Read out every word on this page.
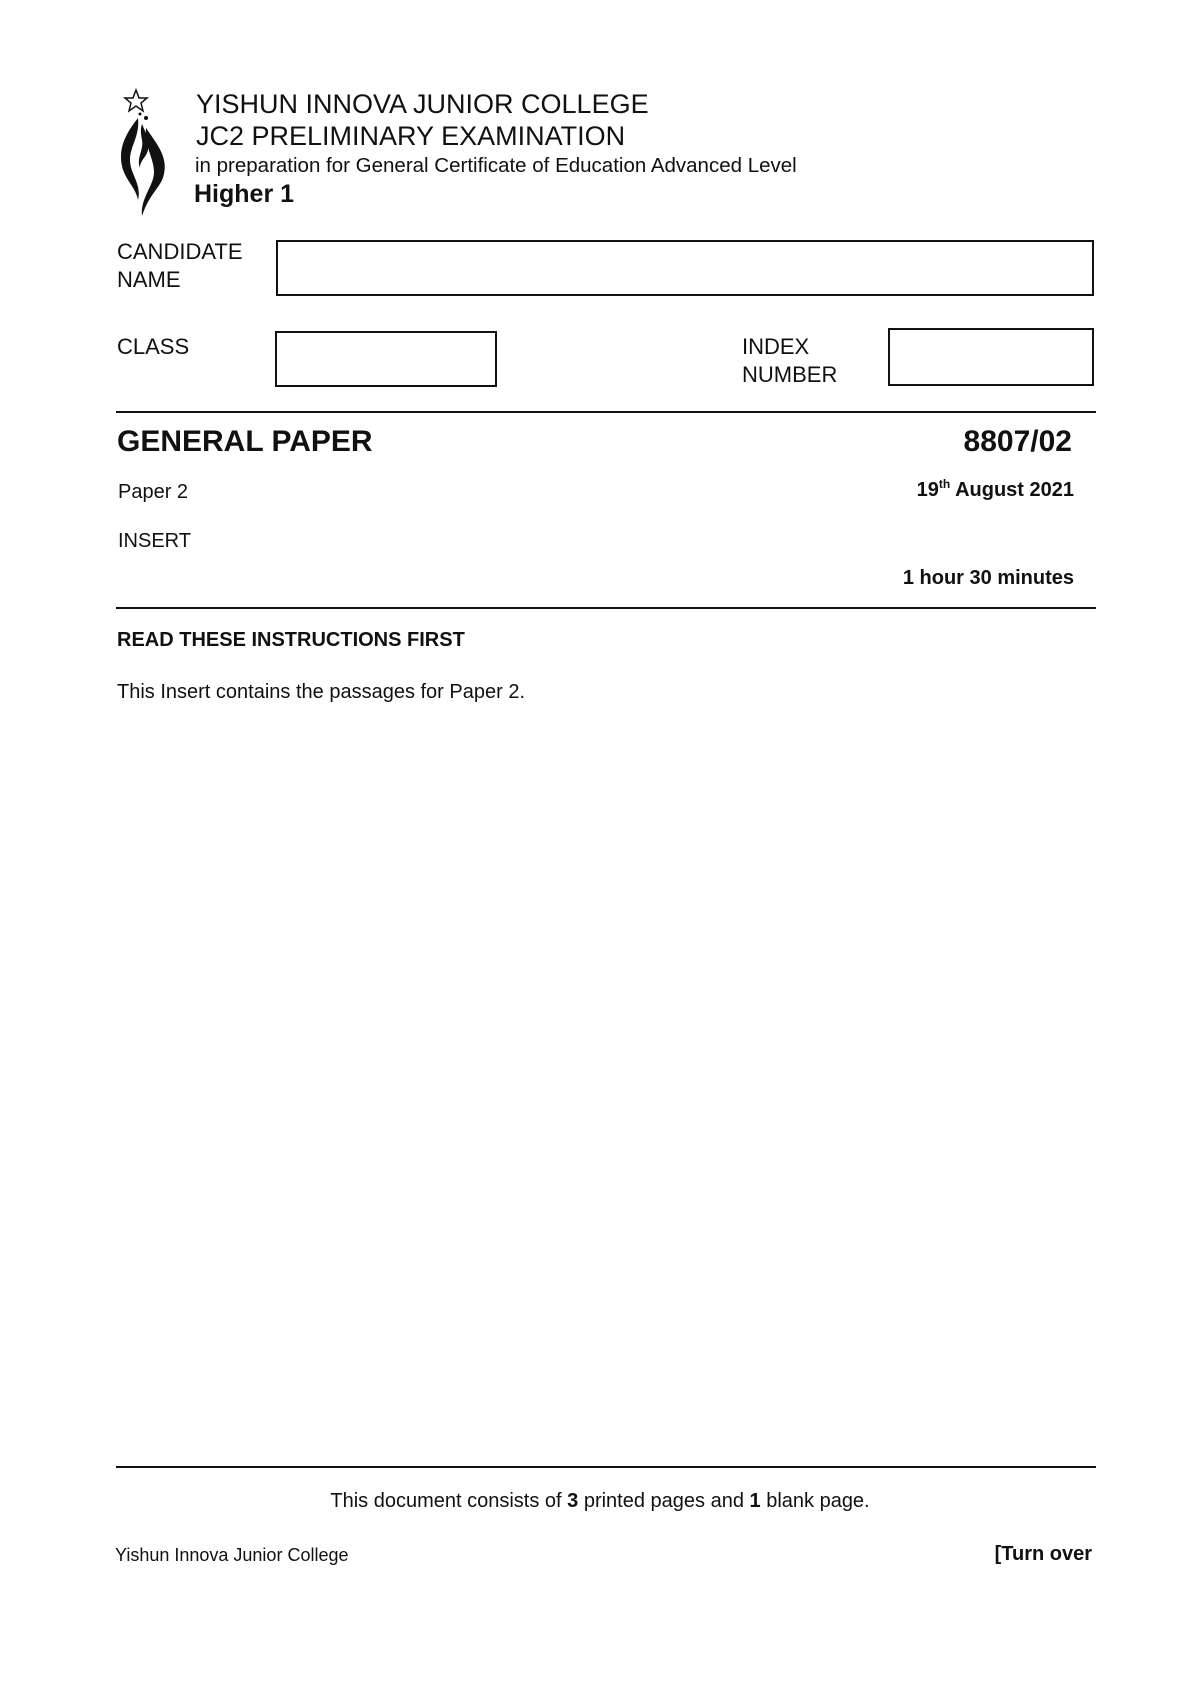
YISHUN INNOVA JUNIOR COLLEGE
JC2 PRELIMINARY EXAMINATION
in preparation for General Certificate of Education Advanced Level
Higher 1
CANDIDATE
NAME
CLASS	INDEX
NUMBER
GENERAL PAPER	8807/02
Paper 2	19th August 2021
INSERT
1 hour 30 minutes
READ THESE INSTRUCTIONS FIRST
This Insert contains the passages for Paper 2.
This document consists of 3 printed pages and 1 blank page.
Yishun Innova Junior College	[Turn over
